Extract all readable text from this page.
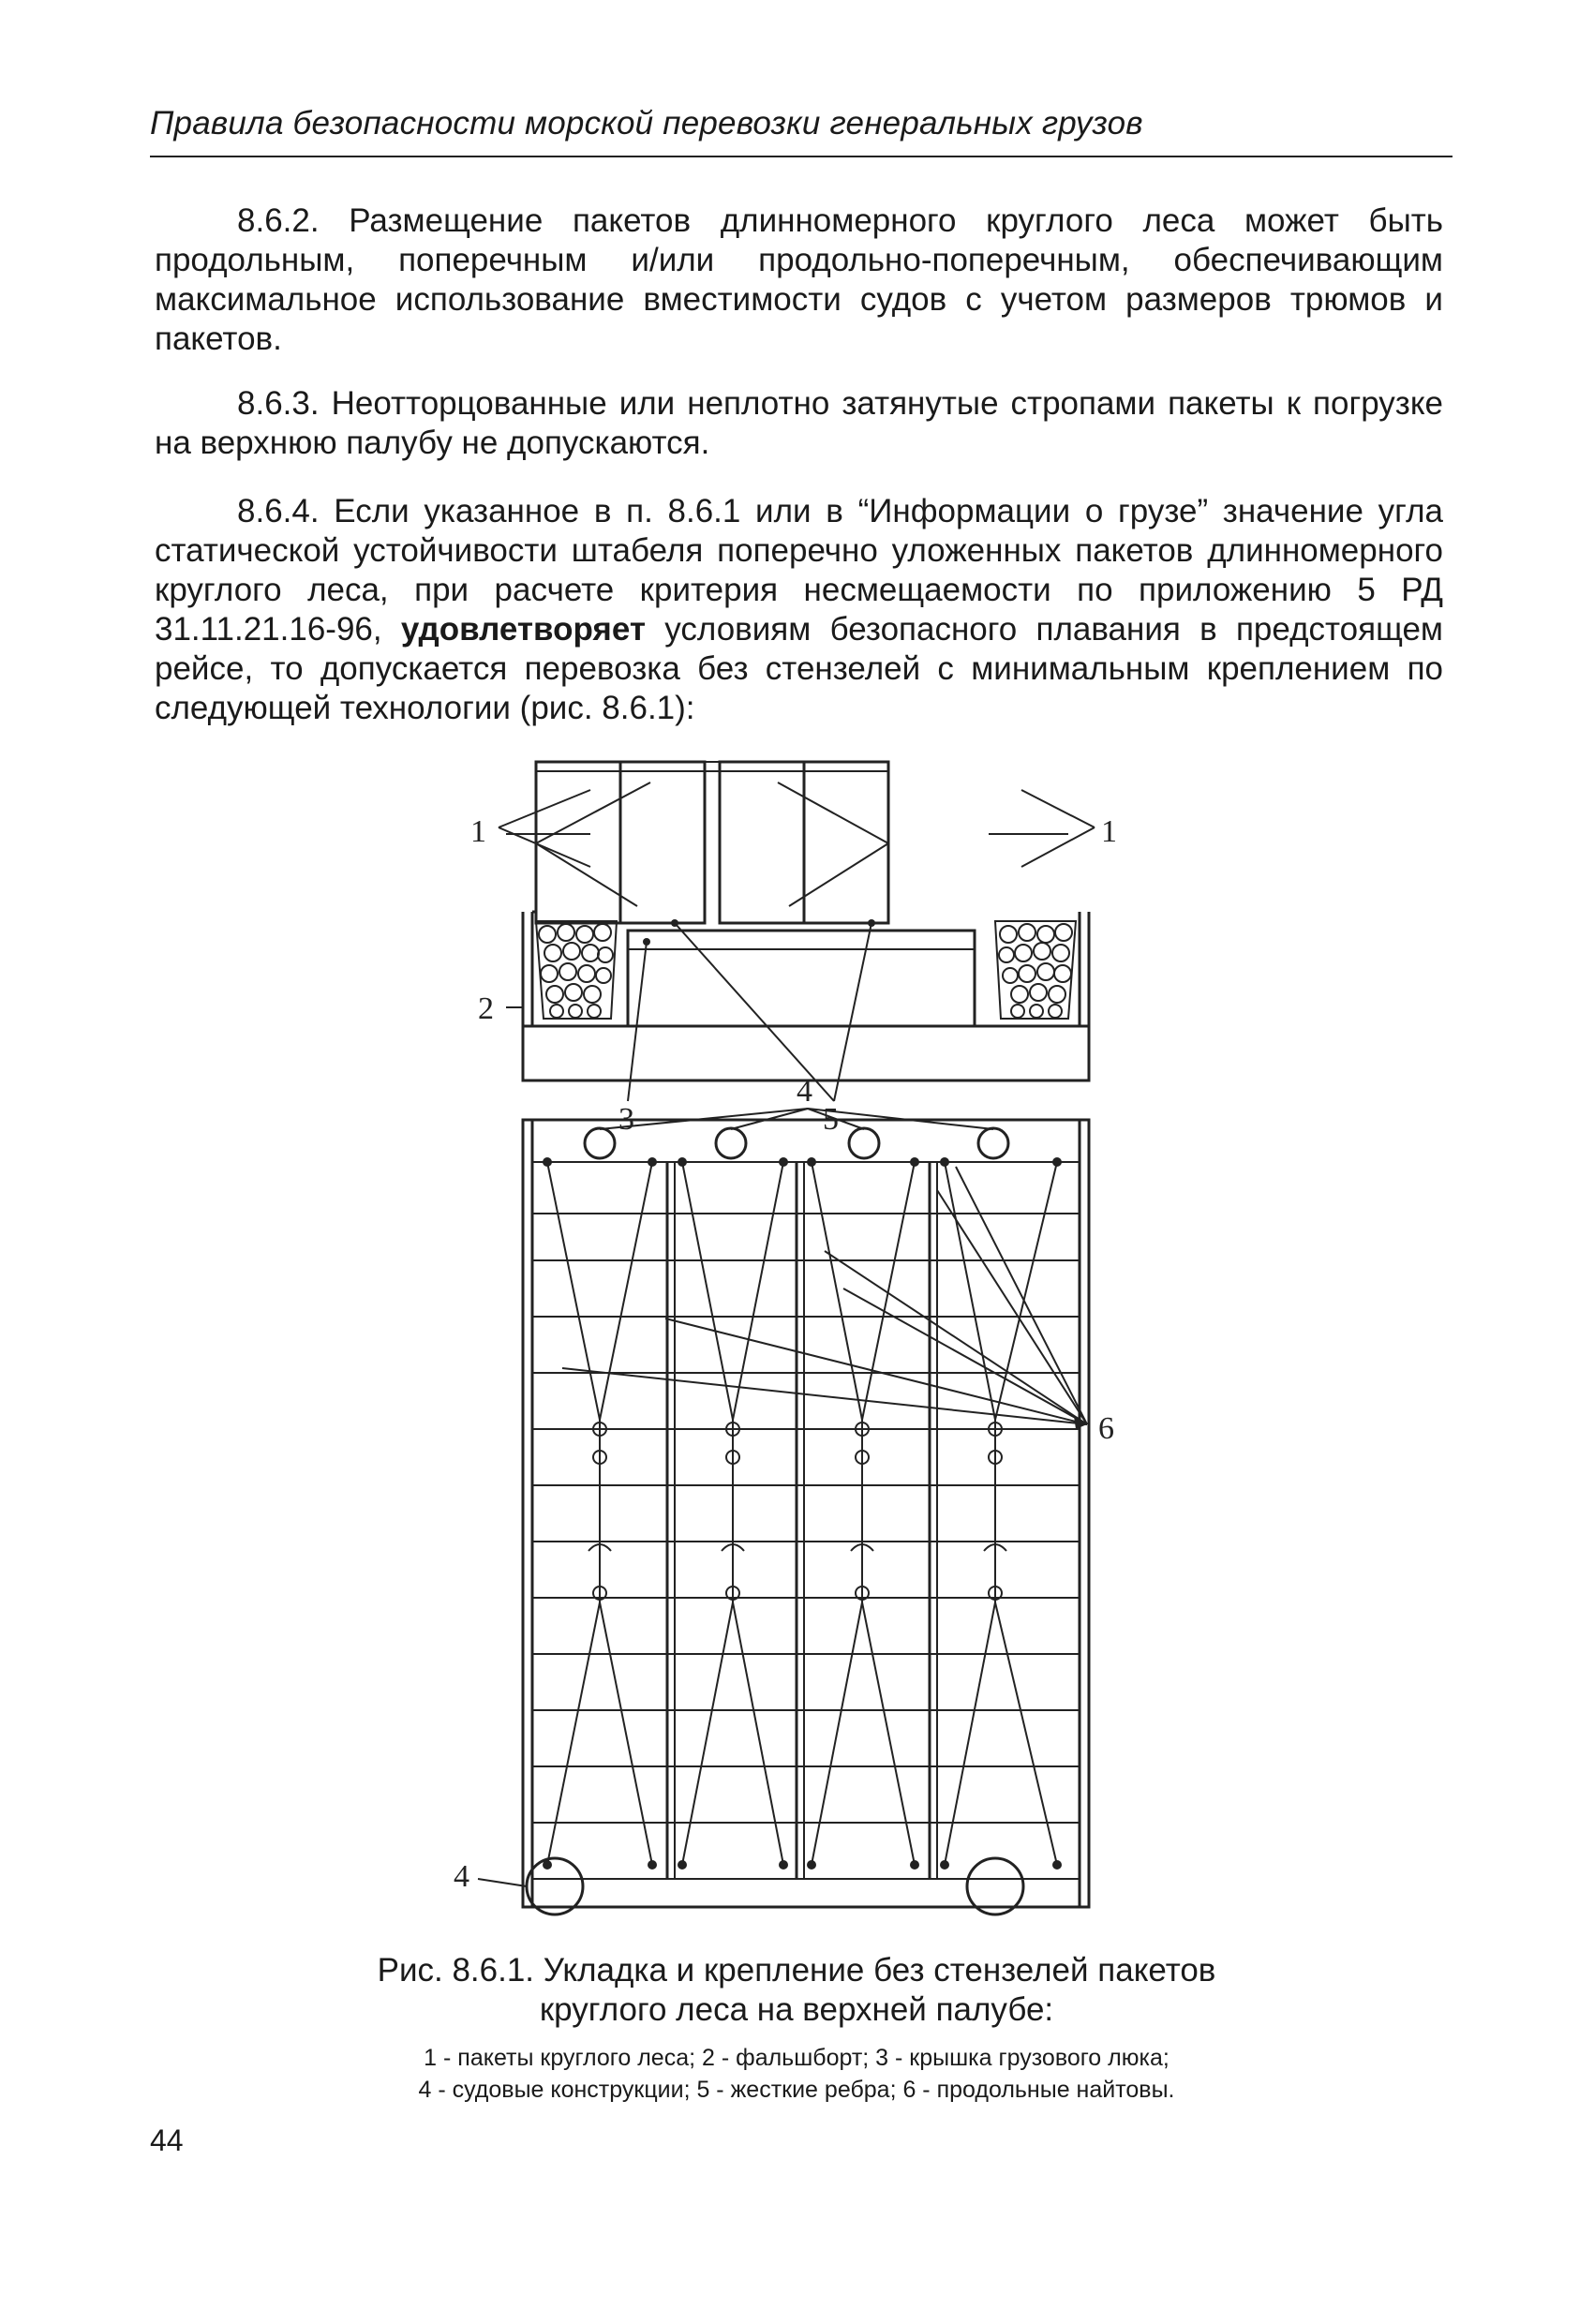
Правила безопасности морской перевозки генеральных грузов
8.6.2. Размещение пакетов длинномерного круглого леса может быть продольным, поперечным и/или продольно-поперечным, обеспечивающим максимальное использование вместимости судов с учетом размеров трюмов и пакетов.
8.6.3. Неотторцованные или неплотно затянутые стропами пакеты к погрузке на верхнюю палубу не допускаются.
8.6.4. Если указанное в п. 8.6.1 или в “Информации о грузе” значение угла статической устойчивости штабеля поперечно уложенных пакетов длинномерного круглого леса, при расчете критерия несмещаемости по приложению 5 РД 31.11.21.16-96, удовлетворяет условиям безопасного плавания в предстоящем рейсе, то допускается перевозка без стензелей с минимальным креплением по следующей технологии (рис. 8.6.1):
1	1
2
3
4
5
6
4
Рис. 8.6.1. Укладка и крепление без стензелей пакетов
круглого леса на верхней палубе:
1 - пакеты круглого леса; 2 - фальшборт; 3 - крышка грузового люка;
4 - судовые конструкции; 5 - жесткие ребра; 6 - продольные найтовы.
44
